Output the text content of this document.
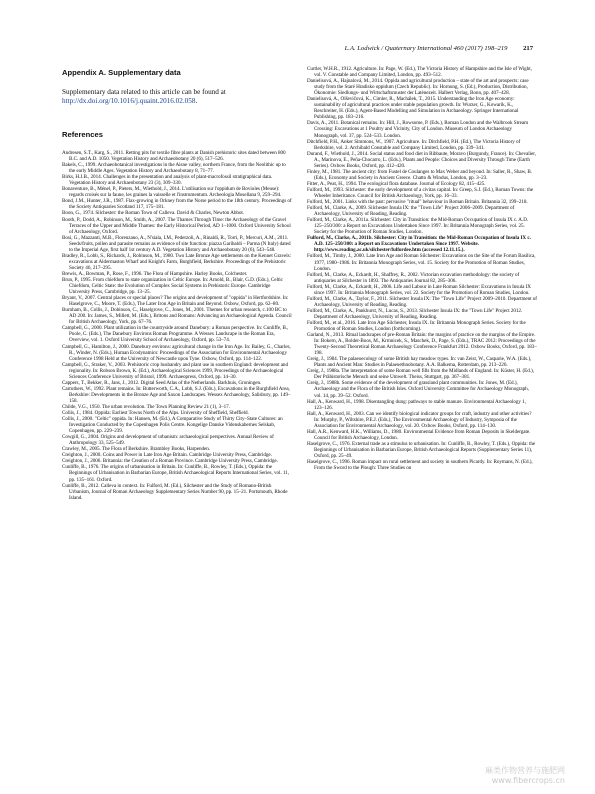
L.A. Lodwick / Quaternary International 460 (2017) 198–219 217
Appendix A. Supplementary data

Supplementary data related to this article can be found at http://dx.doi.org/10.1016/j.quaint.2016.02.058.

References

Andresen, S.T., Karg, S., 2011. Retting pits for textile fibre plants at Danish prehistoric sites dated between 800 B.C. and A.D. 1050. Vegetation History and Archaeobotany 20 (6), 517–526.

Bakels, C., 1999. Archaeobotanical investigations in the Aisne valley, northern France, from the Neolithic up to the early Middle Ages. Vegetation History and Archaeobotany 8, 71–77.

Birks, H.J.B., 2014. Challenges in the presentation and analysis of plant-macrofossil stratigraphical data. Vegetation History and Archaeobotany 23 (3), 309–330.

Bonaventure, B., Ménel, P., Pieters, M., Wiethold, J., 2014. L'utilisation sur l'oppidum de Bovioles (Meuse): regards croisés sur la faune, les graines la vaisselle et l'instrumentum. Archeologia Mosellana 9, 259–294.

Bond, J.M., Hunter, J.R., 1987. Flax-growing in Orkney from the Norse period to the 18th century. Proceedings of the Society Antiquaries Scotland 117, 175–181.

Boon, G., 1974. Silchester: the Roman Town of Calleva. David & Charles, Newton Abbot.

Booth, P., Dodd, A., Robinson, M., Smith, A., 2007. The Thames Through Time: the Archaeology of the Gravel Terraces of the Upper and Middle Thames: the Early Historical Period, AD 1–1000. Oxford University School of Archaeology, Oxford.

Bosi, G., Mazzanti, M.B., Florenzano, A., N'siala, I.M., Pederzoli, A., Rinaldi, R., Torri, P., Mercuri, A.M., 2011. Seeds/fruits, pollen and parasite remains as evidence of site function: piazza Garibaldi – Parma (N Italy) dated to the Imperial Age, first half 1st century A.D. Vegetation History and Archaeobotany 20 (6), 543–548.

Bradley, R., Lobb, S., Richards, J., Robinson, M., 1980. Two Late Bronze Age settlements on the Kennet Gravels: excavations at Aldermaston Wharf and Knight's Farm, Burghfield, Berkshire. Proceedings of the Prehistoric Society 46, 217–295.

Brewis, A., Bowman, P., Rose, F., 1996. The Flora of Hampshire. Harley Books, Colchester.

Brun, P., 1995. From chiefdom to state organization in Celtic Europe. In: Arnold, B., Blair, G.D. (Eds.), Celtic Chiefdom, Celtic State: the Evolution of Complex Social Systems in Prehistoric Europe. Cambridge University Press, Cambridge, pp. 13–25.

Bryant, V., 2007. Central places or special places? The origins and development of "oppida" in Hertfordshire. In: Haselgrove, C., Moore, T. (Eds.), The Later Iron Age in Britain and Beyond. Oxbow, Oxford, pp. 62–80.

Burnham, B., Collis, J., Dobinson, C., Haselgrove, C., Jones, M., 2001. Themes for urban research, c.100 BC to AD 200. In: James, S., Millett, M. (Eds.), Britons and Romans: Advancing an Archaeological Agenda. Council for British Archaeology, York, pp. 67–76.

Campbell, G., 2000. Plant utilization in the countryside around Danebury: a Roman perspective. In: Cunliffe, B., Poole, C. (Eds.), The Danebury Environs Roman Programme. A Wessex Landscape in the Roman Era, Overview, vol. 1. Oxford University School of Archaeology, Oxford, pp. 53–74.

Campbell, G., Hamilton, J., 2000. Danebury environs: agricultural change in the Iron Age. In: Bailey, G., Charles, R., Winder, N. (Eds.), Human Ecodynamics: Proceedings of the Association for Environmental Archaeology Conference 1998 Held at the University of Newcastle upon Tyne. Oxbow, Oxford, pp. 114–122.

Campbell, G., Straker, V., 2003. Prehistoric crop husbandry and plant use in southern England: development and regionality. In: Robson Brown, K. (Ed.), Archaeological Sciences 1999, Proceedings of the Archaeological Sciences Conference University of Bristol, 1999. Archaeopress, Oxford, pp. 14–30.

Cappers, T., Bekker, R., Jans, J., 2012. Digital Seed Atlas of the Netherlands. Barkhuis, Groningen.

Carruthers, W., 1992. Plant remains. In: Butterworth, C.A., Lobb, S.J. (Eds.), Excavations in the Burghfield Area, Berkshire: Developments in the Bronze Age and Saxon Landscapes. Wessex Archaeology, Salisbury, pp. 149–158.

Childe, V.G., 1950. The urban revolution. The Town Planning Review 21 (1), 3–17.

Collis, J., 1984. Oppida: Earliest Towns North of the Alps. University of Sheffield, Sheffield.

Collis, J., 2000. "Celtic" oppida. In: Hansen, M. (Ed.), A Comparative Study of Thirty City–State Cultures: an Investigation Conducted by the Copenhagen Polis Centre. Kongelige Danske Videnskabernes Selskab, Copenhagen, pp. 229–239.

Cowgill, G., 2004. Origins and development of urbanism: archaeological perspectives. Annual Review of Anthropology 33, 525–549.

Crawley, M., 2005. The Flora of Berkshire. Brambley Books, Harpenden.

Creighton, J., 2000. Coins and Power in Late Iron Age Britain. Cambridge University Press, Cambridge.

Creighton, J., 2006. Britannia: the Creation of a Roman Province. Cambridge University Press, Cambridge.

Cunliffe, B., 1976. The origins of urbanisation in Britain. In: Cunliffe, B., Rowley, T. (Eds.), Oppida: the Beginnings of Urbanisation in Barbarian Europe, British Archaeological Reports International Series, vol. 11, pp. 135–161. Oxford.

Cunliffe, B., 2012. Calleva in context. In: Fulford, M. (Ed.), Silchester and the Study of Romano-British Urbanism, Journal of Roman Archaeology Supplementary Series Number 90, pp. 15–21. Portsmouth, Rhode Island.

Curtler, W.H.R., 1912. Agriculture. In: Page, W. (Ed.), The Victoria History of Hampshire and the Isle of Wight, vol. V. Constable and Company Limited, London, pp. 493–512.

Danielisová, A., Hajnalová, M., 2014. Oppida and agricultural production – state of the art and prospects: case study from the Staré Hradisko oppidum (Czech Republic). In: Hornung, S. (Ed.), Production, Distribution, Ökonomie: Siedlungs- und Wirtschaftsmuster der Latènezeit. Halbert Verlag, Bonn, pp. 407–428.

Danielisová, A., Olševičová, K., Cimler, R., Machálek, T., 2015. Understanding the Iron Age economy: sustainability of agricultural practices under stable population growth. In: Wurzer, G., Kowarik, K., Reschreiter, H. (Eds.), Agent-Based Modelling and Simulation in Archaeology. Springer International Publishing, pp. 183–216.

Davis, A., 2011. Botanical remains. In: Hill, J., Rowsome, P. (Eds.), Roman London and the Walbrook Stream Crossing: Excavations at 1 Poultry and Vicinity, City of London. Museum of London Archaeology Monograph, vol. 37, pp. 524–533. London.

Ditchfield, P.H., Anker Simmons, W., 1907. Agriculture. In: Ditchfield, P.H. (Ed.), The Victoria History of Berkshire, vol. 2. Archibald Constable and Company Limited, London, pp. 339–341.

Durand, F., Wiethold, J., 2014. Social status and food diet in Ribbaute, Moravo (Burgundy, France). In: Chevalier, A., Marinova, E., Peña-Chocarro, L. (Eds.), Plants and People: Choices and Diversity Through Time (Earth Series). Oxbow Books, Oxford, pp. 412–420.

Finley, M., 1981. The ancient city: from Fustel de Coulanges to Max Weber and beyond. In: Saller, R., Shaw, B. (Eds.), Economy and Society in Ancient Greece. Chatto & Windus, London, pp. 3–23.

Fitter, A., Peat, H., 1994. The ecological flora database. Journal of Ecology 82, 415–425.

Fulford, M., 1993. Silchester: the early development of a civitas capital. In: Greep, S.J. (Ed.), Roman Towns: the Wheeler Inheritance. Council for British Archaeology, York, pp. 16–33.

Fulford, M., 2001. Links with the past: pervasive "ritual" behaviour in Roman Britain. Britannia 32, 199–218.

Fulford, M., Clarke, A., 2009. Silchester Insula IX: the "Town Life" Project 2006–2009. Department of Archaeology, University of Reading, Reading.

Fulford, M., Clarke, A., 2011a. Silchester: City in Transition: the Mid-Roman Occupation of Insula IX c. A.D. 125–250/300: a Report on Excavations Undertaken Since 1997. In: Britannia Monograph Series, vol. 25. Society for the Promotion of Roman Studies, London.

Fulford, M., Clarke, A., 2011b. Silchester: City in Transition: the Mid-Roman Occupation of Insula IX c. A.D. 125–250/300: a Report on Excavations Undertaken Since 1997. Website. http://www.reading.ac.uk/silchester/fulfordee.htm (accessed 12.11.15.).

Fulford, M., Timby, J., 2000. Late Iron Age and Roman Silchester: Excavations on the Site of the Forum Basilica, 1977, 1980–1986. In: Britannia Monograph Series, vol. 15. Society for the Promotion of Roman Studies, London.

Fulford, M., Clarke, A., Eckardt, H., Shaffrey, R., 2002. Victorian excavation methodology: the society of antiquaries at Silchester in 1893. The Antiquaries Journal 82, 285–306.

Fulford, M., Clarke, A., Eckardt, H., 2006. Life and Labour in Late Roman Silchester: Excavations in Insula IX since 1997. In: Britannia Monograph Series, vol. 22. Society for the Promotion of Roman Studies, London.

Fulford, M., Clarke, A., Taylor, F., 2011. Silchester Insula IX: The "Town Life" Project 2009–2010. Department of Archaeology, University of Reading, Reading.

Fulford, M., Clarke, A., Pankhurst, N., Lucas, S., 2013. Silchester Insula IX: the "Town Life" Project 2012. Department of Archaeology, University of Reading, Reading.

Fulford, M., et al., 2016. Late Iron Age Silchester, Insula IX. In: Britannia Monograph Series. Society for the Promotion of Roman Studies, London (forthcoming).

Garland, N., 2013. Ritual landscapes of pre-Roman Britain: the margins of practice on the margins of the Empire. In: Bokern, A., Bolder-Boos, M., Krmnicek, S., Maschek, D., Page, S. (Eds.), TRAC 2012: Proceedings of the Twenty-Second Theoretical Roman Archaeology Conference Frankfurt 2012. Oxbow Books, Oxford, pp. 183–198.

Greig, J., 1984. The palaeoecology of some British hay meadow types. In: van Zeist, W., Casparie, W.A. (Eds.), Plants and Ancient Man: Studies in Palaeoethnobotany. A.A. Balkema, Rotterdam, pp. 213–226.

Greig, J., 1988a. The interpretation of some Roman well fills from the Midlands of England. In: Küster, H. (Ed.), Der Prähistorische Mensch und seine Umwelt. Theiss, Stuttgart, pp. 367–381.

Greig, J., 1988b. Some evidence of the development of grassland plant communities. In: Jones, M. (Ed.), Archaeology and the Flora of the British Isles. Oxford University Committee for Archaeology Monograph, vol. 14, pp. 39–52. Oxford.

Hall, A., Kenward, H., 1998. Disentangling dung: pathways to stable manure. Environmental Archaeology 1, 123–126.

Hall, A., Kenward, H., 2003. Can we identify biological indicator groups for craft, industry and other activities? In: Murphy, P., Wiltshire, P.E.J. (Eds.), The Environmental Archaeology of Industry, Symposia of the Association for Environmental Archaeology, vol. 20. Oxbow Books, Oxford, pp. 114–130.

Hall, A.R., Kenward, H.K., Williams, D., 1980. Environmental Evidence from Roman Deposits in Skeldergate. Council for British Archaeology, London.

Haselgrove, C., 1976. External trade as a stimulus to urbanisation. In: Cunliffe, B., Rowley, T. (Eds.), Oppida: the Beginnings of Urbanisation in Barbarian Europe, British Archaeological Reports (Supplementary Series 11), Oxford, pp. 25–49.

Haselgrove, C., 1996. Roman impact on rural settlement and society in southern Picardy. In: Roymans, N. (Ed.), From the Sword to the Plough: Three Studies on

麻类作物营养与施肥网
www.fibercrops.cn
